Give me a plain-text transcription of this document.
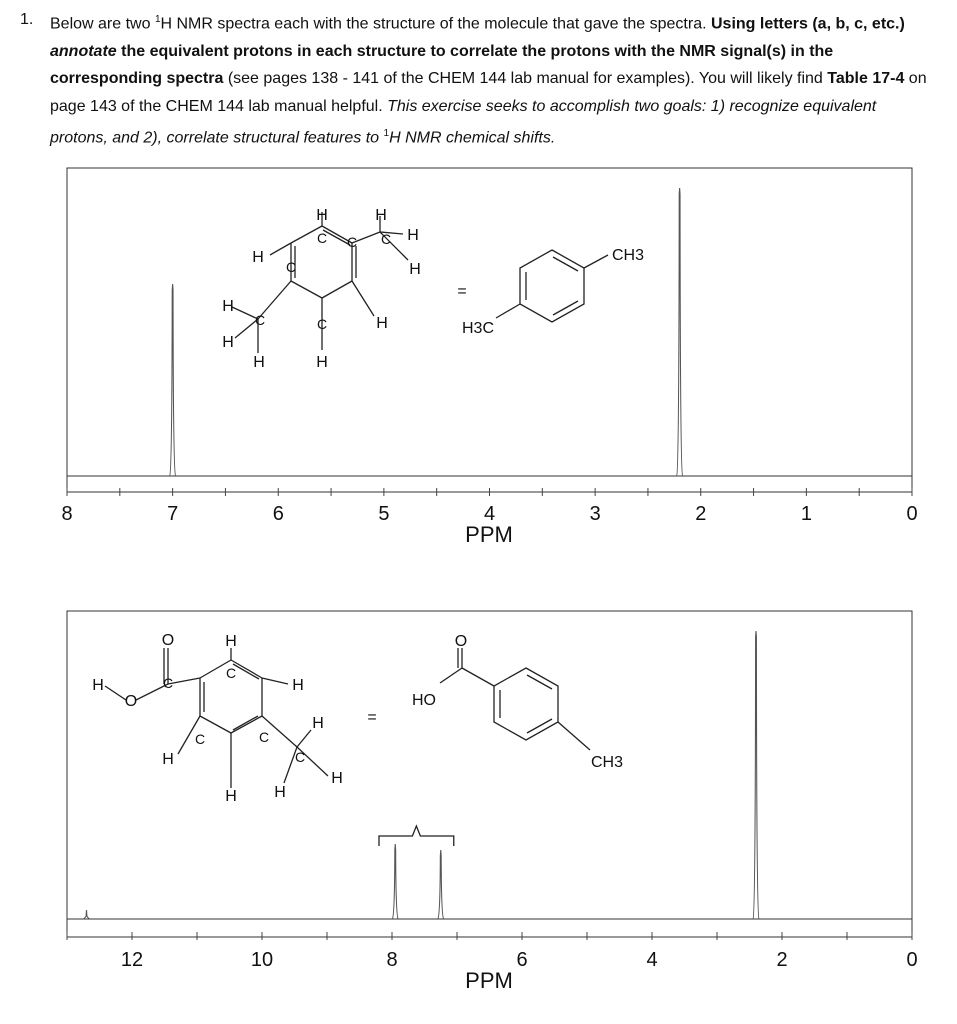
1. Below are two $^1$H NMR spectra each with the structure of the molecule that gave the spectra. Using letters (a, b, c, etc.) annotate the equivalent protons in each structure to correlate the protons with the NMR signal(s) in the corresponding spectra (see pages 138 - 141 of the CHEM 144 lab manual for examples). You will likely find Table 17-4 on page 143 of the CHEM 144 lab manual helpful. This exercise seeks to accomplish two goals: 1) recognize equivalent protons, and 2), correlate structural features to $^1$H NMR chemical shifts.
8	7	6	5	4	3	2	1	0
PPM
H	H
H
H
H
H
H
H
H	H
C C
C
C
C	C
=
H3C
CH3
12	10	8	6	4	2	0
PPM
O
O
H
H
H
H
H
H
H H
C
C
C	C
C
=
O
HO
CH3
